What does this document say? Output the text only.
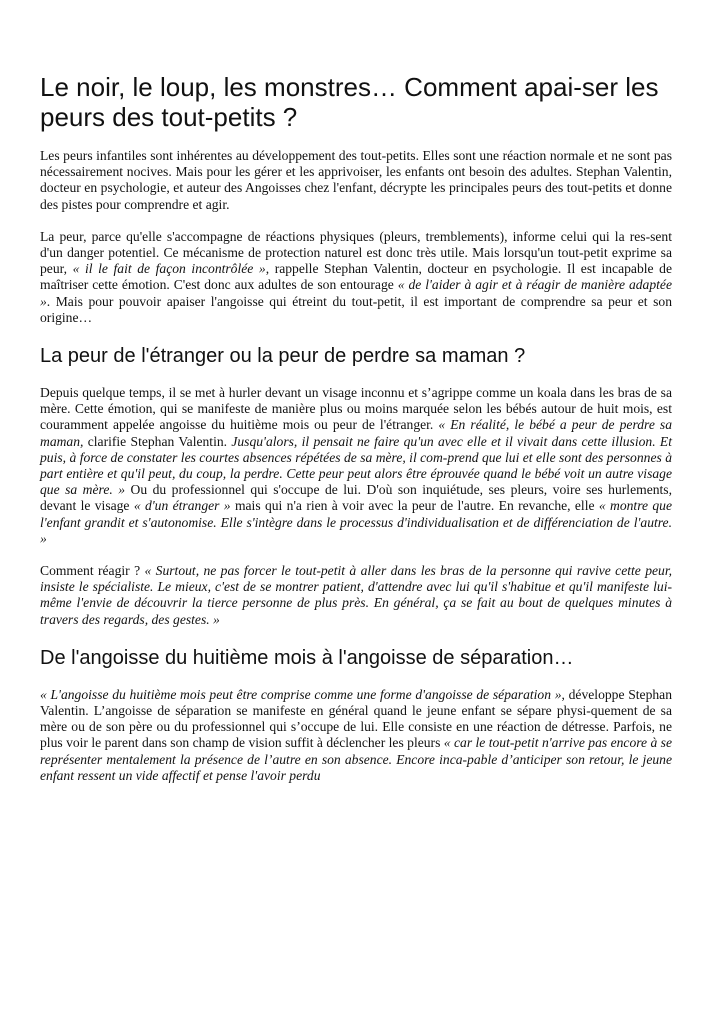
Le noir, le loup, les monstres… Comment apai-ser les peurs des tout-petits ?

Les peurs infantiles sont inhérentes au développement des tout-petits. Elles sont une réaction normale et ne sont pas nécessairement nocives. Mais pour les gérer et les apprivoiser, les enfants ont besoin des adultes. Stephan Valentin, docteur en psychologie, et auteur des Angoisses chez l'enfant, décrypte les principales peurs des tout-petits et donne des pistes pour comprendre et agir.

La peur, parce qu'elle s'accompagne de réactions physiques (pleurs, tremblements), informe celui qui la res-sent d'un danger potentiel. Ce mécanisme de protection naturel est donc très utile. Mais lorsqu'un tout-petit exprime sa peur, « il le fait de façon incontrôlée », rappelle Stephan Valentin, docteur en psychologie. Il est incapable de maîtriser cette émotion. C'est donc aux adultes de son entourage « de l'aider à agir et à réagir de manière adaptée ». Mais pour pouvoir apaiser l'angoisse qui étreint du tout-petit, il est important de comprendre sa peur et son origine…

La peur de l'étranger ou la peur de perdre sa maman ?

Depuis quelque temps, il se met à hurler devant un visage inconnu et s’agrippe comme un koala dans les bras de sa mère. Cette émotion, qui se manifeste de manière plus ou moins marquée selon les bébés autour de huit mois, est couramment appelée angoisse du huitième mois ou peur de l'étranger. « En réalité, le bébé a peur de perdre sa maman, clarifie Stephan Valentin. Jusqu'alors, il pensait ne faire qu'un avec elle et il vivait dans cette illusion. Et puis, à force de constater les courtes absences répétées de sa mère, il com-prend que lui et elle sont des personnes à part entière et qu'il peut, du coup, la perdre. Cette peur peut alors être éprouvée quand le bébé voit un autre visage que sa mère. » Ou du professionnel qui s'occupe de lui. D'où son inquiétude, ses pleurs, voire ses hurlements, devant le visage « d'un étranger » mais qui n'a rien à voir avec la peur de l'autre. En revanche, elle « montre que l'enfant grandit et s'autonomise. Elle s'intègre dans le processus d'individualisation et de différenciation de l'autre. »

Comment réagir ? « Surtout, ne pas forcer le tout-petit à aller dans les bras de la personne qui ravive cette peur, insiste le spécialiste. Le mieux, c'est de se montrer patient, d'attendre avec lui qu'il s'habitue et qu'il manifeste lui-même l'envie de découvrir la tierce personne de plus près. En général, ça se fait au bout de quelques minutes à travers des regards, des gestes. »

De l'angoisse du huitième mois à l'angoisse de séparation…

« L'angoisse du huitième mois peut être comprise comme une forme d'angoisse de séparation », développe Stephan Valentin. L’angoisse de séparation se manifeste en général quand le jeune enfant se sépare physi-quement de sa mère ou de son père ou du professionnel qui s’occupe de lui. Elle consiste en une réaction de détresse. Parfois, ne plus voir le parent dans son champ de vision suffit à déclencher les pleurs « car le tout-petit n'arrive pas encore à se représenter mentalement la présence de l’autre en son absence. Encore inca-pable d’anticiper son retour, le jeune enfant ressent un vide affectif et pense l'avoir perdu
